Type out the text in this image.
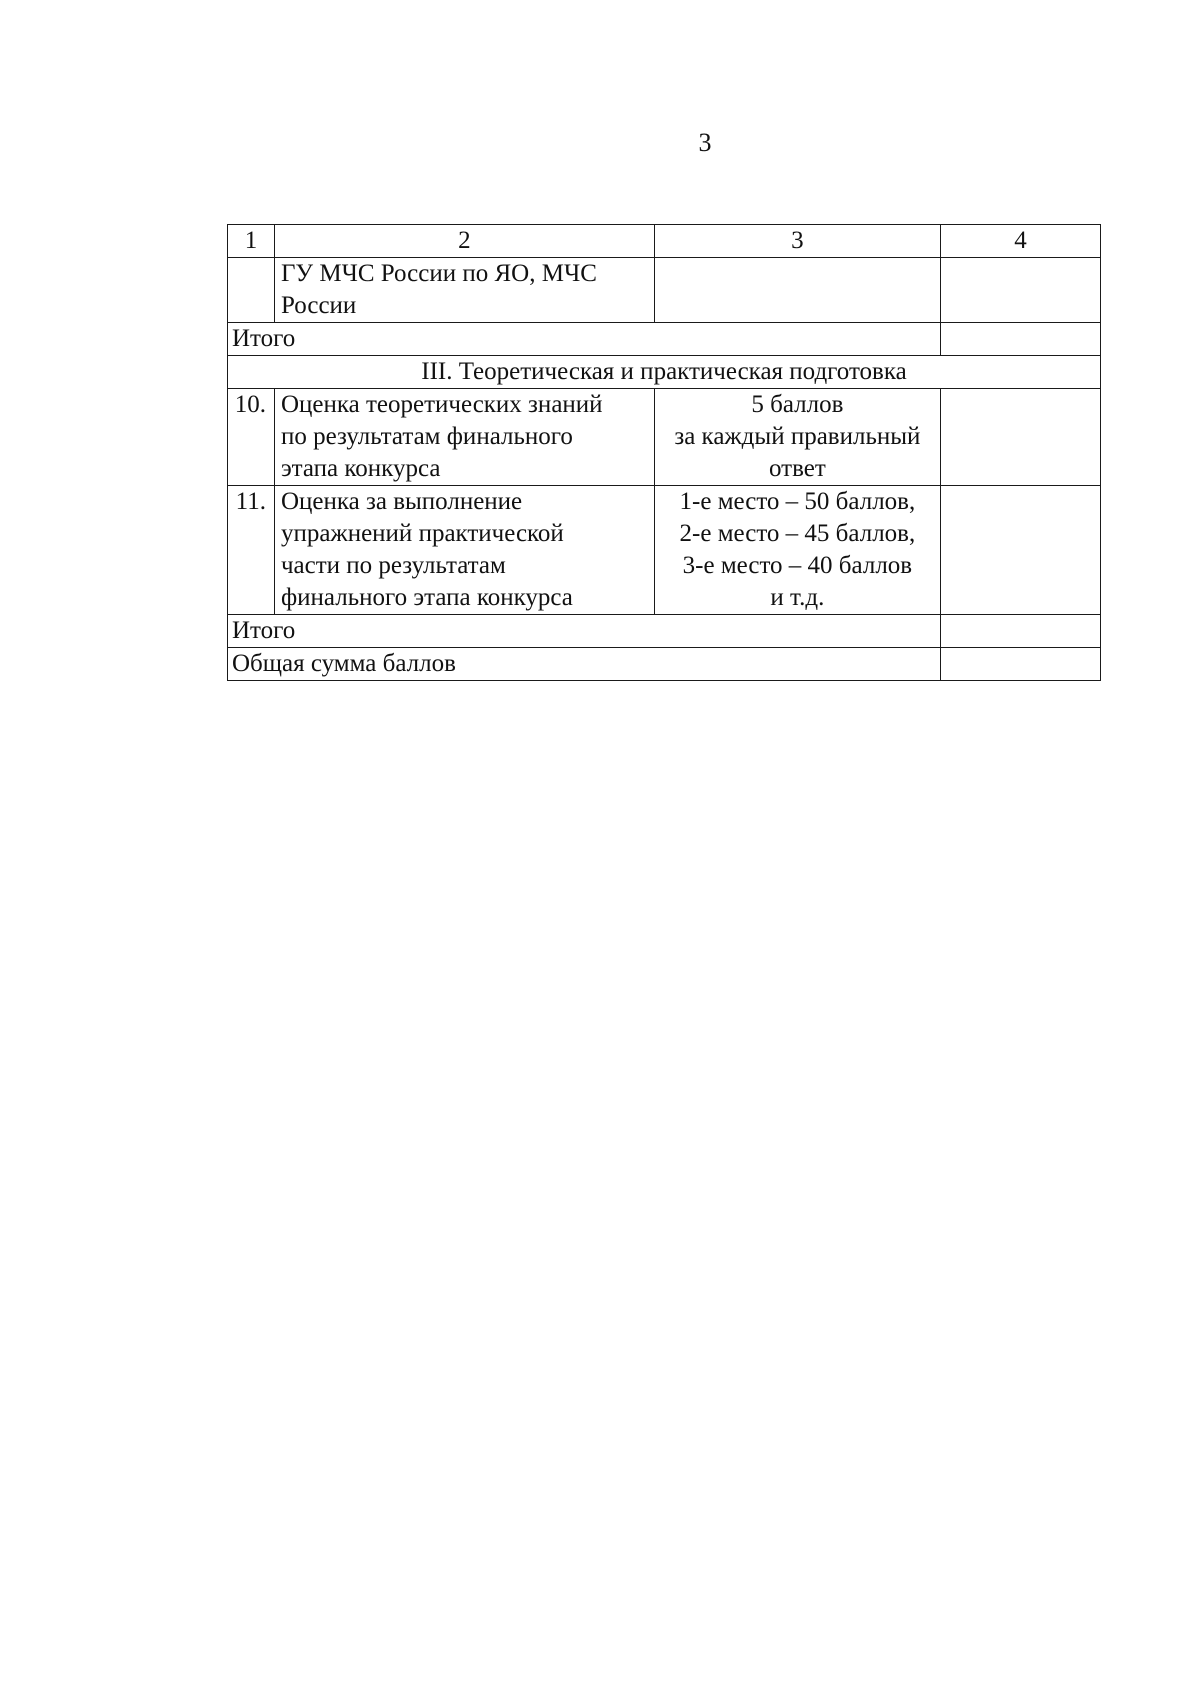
3
1	2	3	4

	ГУ МЧС России по ЯО, МЧС
России		

Итого			
III. Теоретическая и практическая подготовка			
10.	Оценка теоретических знаний
по результатам финального
этапа конкурса	5 баллов
за каждый правильный
ответ	

11.	Оценка за выполнение
упражнений практической
части по результатам
финального этапа конкурса	1-е место – 50 баллов,
2-е место – 45 баллов,
3-е место – 40 баллов
и т.д.	

Итого			
Общая сумма баллов			
